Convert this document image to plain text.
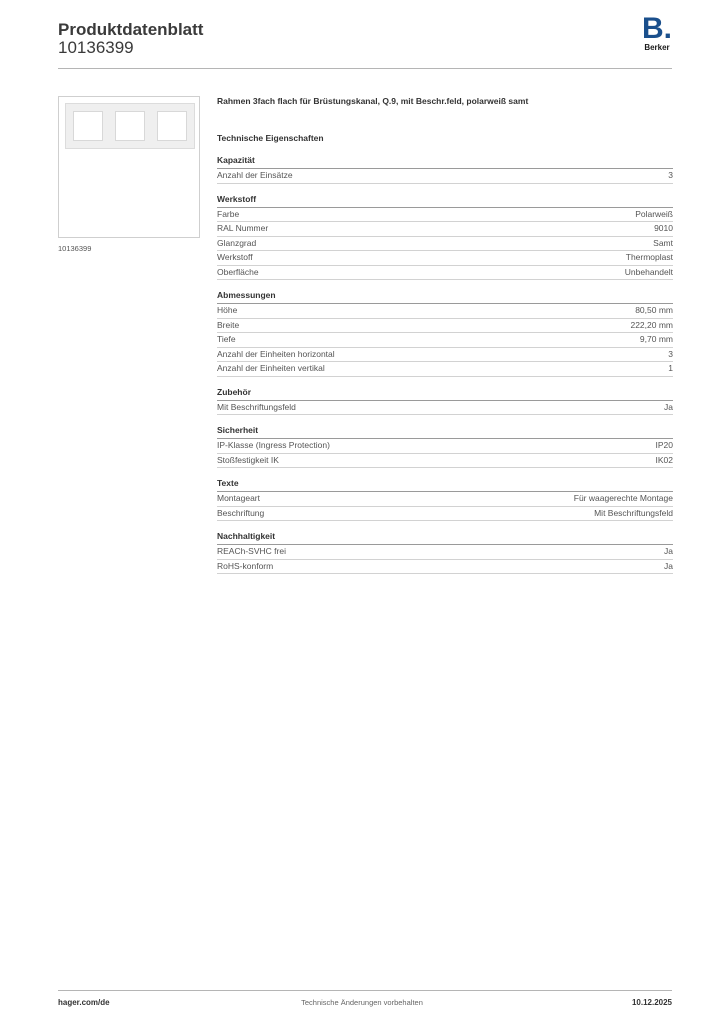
Produktdatenblatt
10136399
B.
Berker
10136399
Rahmen 3fach flach für Brüstungskanal, Q.9, mit Beschr.feld, polarweiß samt
Technische Eigenschaften
Kapazität
Anzahl der Einsätze	3
Werkstoff
Farbe	Polarweiß
RAL Nummer	9010
Glanzgrad	Samt
Werkstoff	Thermoplast
Oberfläche	Unbehandelt
Abmessungen
Höhe	80,50 mm
Breite	222,20 mm
Tiefe	9,70 mm
Anzahl der Einheiten horizontal	3
Anzahl der Einheiten vertikal	1
Zubehör
Mit Beschriftungsfeld	Ja
Sicherheit
IP-Klasse (Ingress Protection)	IP20
Stoßfestigkeit IK	IK02
Texte
Montageart	Für waagerechte Montage
Beschriftung	Mit Beschriftungsfeld
Nachhaltigkeit
REACh-SVHC frei	Ja
RoHS-konform	Ja
hager.com/de	Technische Änderungen vorbehalten	10.12.2025
